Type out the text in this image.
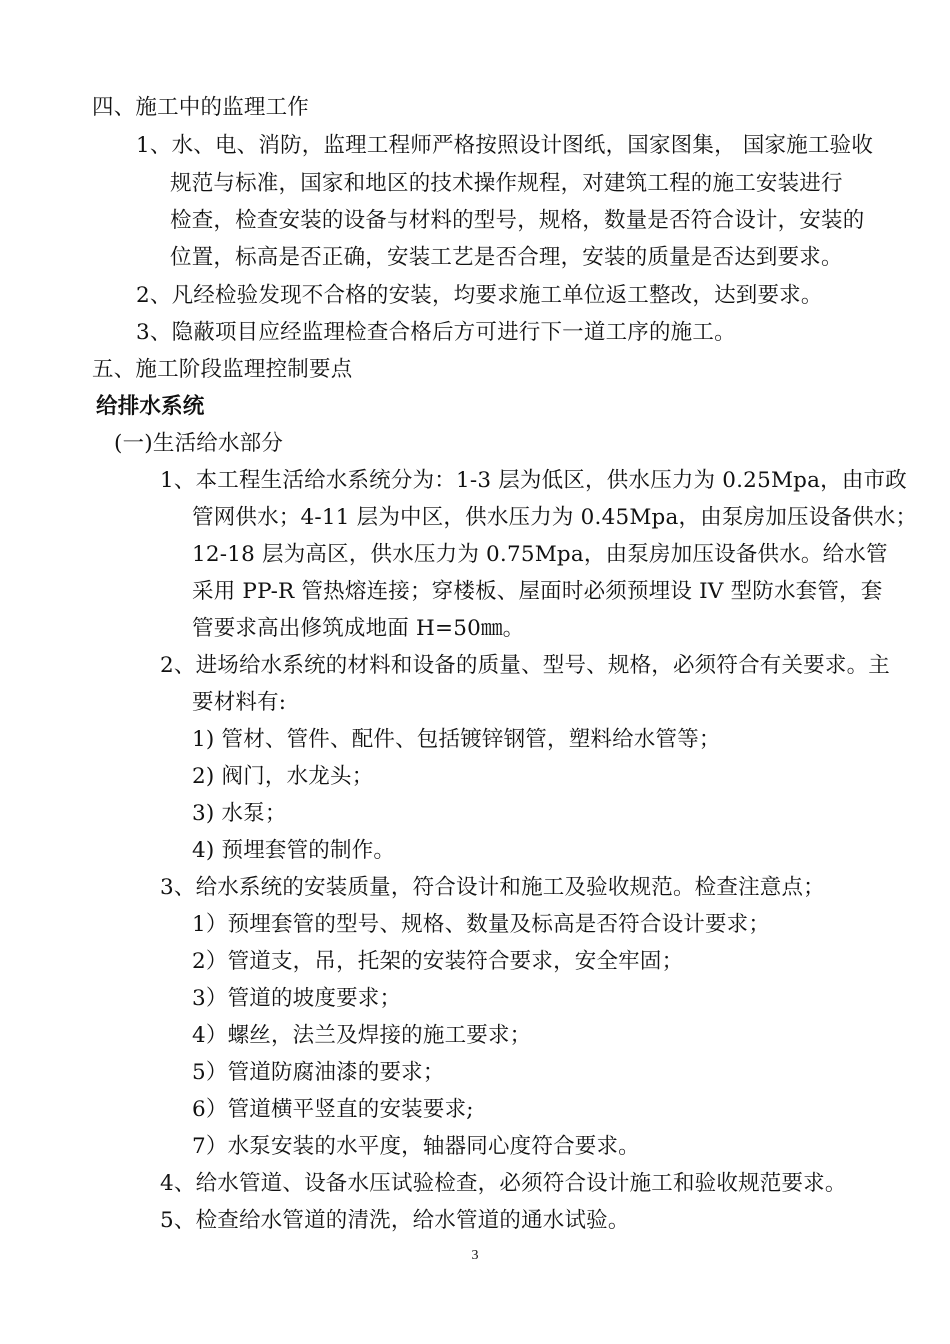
四、施工中的监理工作
1、水、电、消防，监理工程师严格按照设计图纸，国家图集， 国家施工验收
规范与标准，国家和地区的技术操作规程，对建筑工程的施工安装进行
检查，检查安装的设备与材料的型号，规格，数量是否符合设计，安装的
位置，标高是否正确，安装工艺是否合理，安装的质量是否达到要求。
2、凡经检验发现不合格的安装，均要求施工单位返工整改，达到要求。
3、隐蔽项目应经监理检查合格后方可进行下一道工序的施工。
五、施工阶段监理控制要点
给排水系统
(一)生活给水部分
1、本工程生活给水系统分为：1-3 层为低区，供水压力为 0.25Mpa，由市政
管网供水；4-11 层为中区，供水压力为 0.45Mpa，由泵房加压设备供水；
12-18 层为高区，供水压力为 0.75Mpa，由泵房加压设备供水。给水管
采用 PP-R 管热熔连接；穿楼板、屋面时必须预埋设 IV 型防水套管，套
管要求高出修筑成地面 H=50㎜。
2、进场给水系统的材料和设备的质量、型号、规格，必须符合有关要求。主
要材料有:
1) 管材、管件、配件、包括镀锌钢管，塑料给水管等；
2) 阀门，水龙头；
3) 水泵；
4) 预埋套管的制作。
3、给水系统的安装质量，符合设计和施工及验收规范。检查注意点；
1）预埋套管的型号、规格、数量及标高是否符合设计要求；
2）管道支，吊，托架的安装符合要求，安全牢固；
3）管道的坡度要求；
4）螺丝，法兰及焊接的施工要求；
5）管道防腐油漆的要求；
6）管道横平竖直的安装要求;
7）水泵安装的水平度，轴器同心度符合要求。
4、给水管道、设备水压试验检查，必须符合设计施工和验收规范要求。
5、检查给水管道的清洗，给水管道的通水试验。
3
